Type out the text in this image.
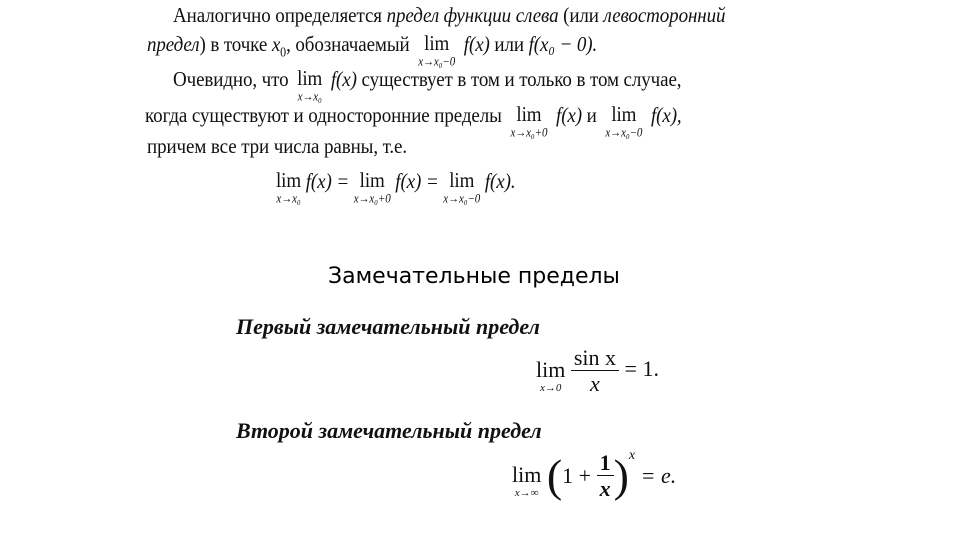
Аналогично определяется предел функции слева (или левосторонний
предел) в точке $x_0$, обозначаемый lim
x→x₀−0
f(x) или f(x₀ − 0).
Очевидно, что lim
x→x₀
f(x) существует в том и только в том случае,
когда существуют и односторонние пределы lim
x→x₀+0
f(x) и lim
x→x₀−0
f(x),
причем все три числа равны, т.е.
lim
x→x₀
f(x) = lim
x→x₀+0
f(x) = lim
x→x₀−0
f(x).
Замечательные пределы
Первый замечательный предел
lim
x→0
$\frac{\text{sin x}}{x} = 1$.
Второй замечательный предел
lim
x→∞ $(1 + \frac{1}{x} )^x = e$.
